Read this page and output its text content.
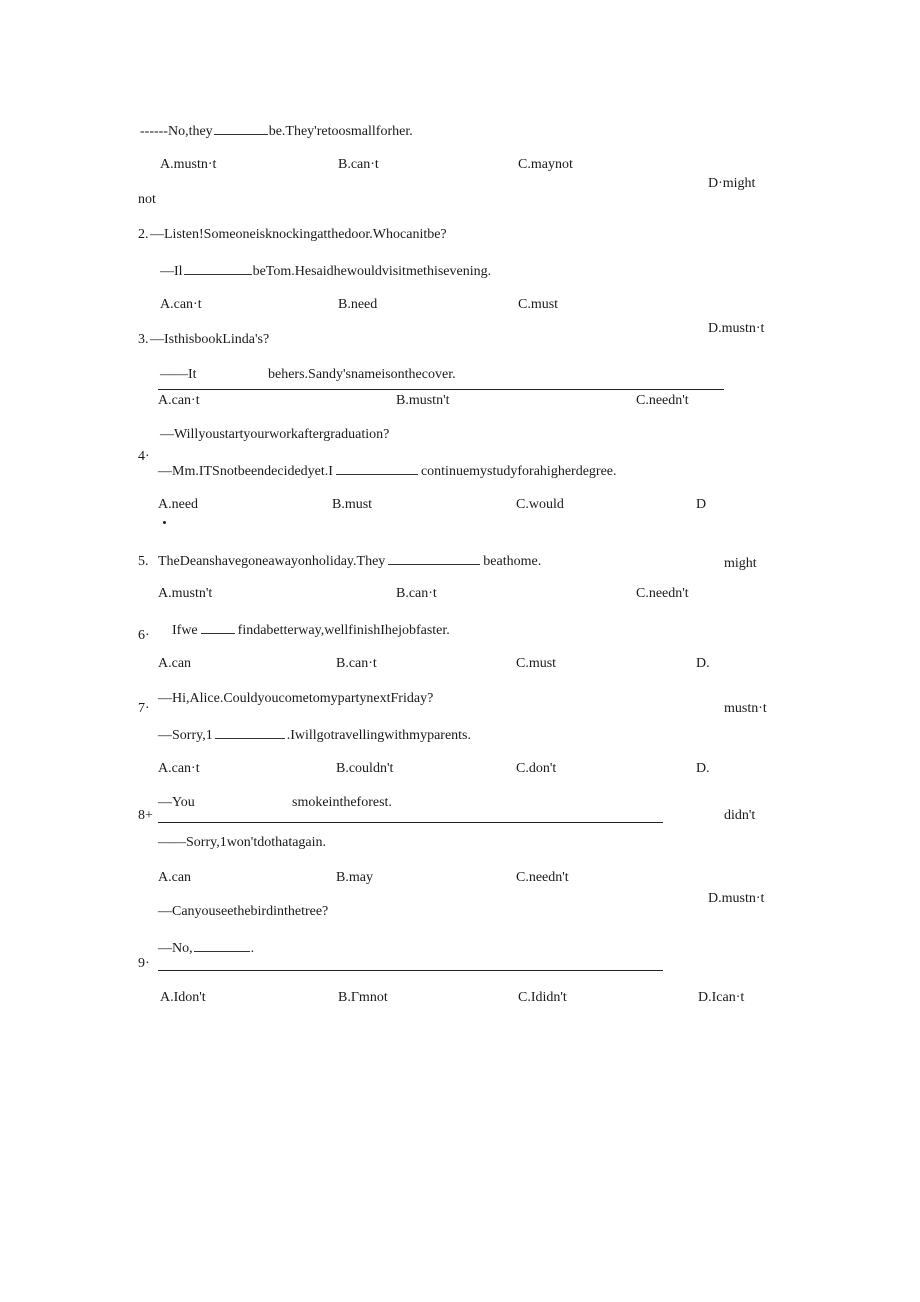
------No,they	be.They'retoosmallforher.
A.mustn·t	B.can·t	C.maynot
D·might
not
2. —Listen!Someoneisknockingatthedoor.Whocanitbe?
—Il	beTom.Hesaidhewouldvisitmethisevening.
A.can·t	B.need	C.must
D.mustn·t
3. —IsthisbookLinda's?
——It	behers.Sandy'snameisonthecover.
A.can·t	B.mustn't	C.needn't
—Willyoustartyourworkaftergraduation?
4·
—Mm.ITSnotbeendecidedyet.I	continuemystudyforahigherdegree.
A.need	B.must	C.would	D
5. TheDeanshavegoneawayonholiday.They	beathome.	might
A.mustn't	B.can·t	C.needn't
6· Ifwe	findabetterway,wellfinishIhejobfaster.
A.can	B.can·t	C.must	D.
—Hi,Alice.CouldyoucometomypartynextFriday?
7·	mustn·t
—Sorry,1	.Iwillgotravellingwithmyparents.
A.can·t	B.couldn't	C.don't	D.
—You	smokeintheforest.
8+	didn't
——Sorry,1won'tdothatagain.
A.can	B.may	C.needn't
D.mustn·t
—Canyouseethebirdinthetree?
—No,	.
9·
A.Idon't	B.Γmnot	C.Ididn't	D.Ican·t
